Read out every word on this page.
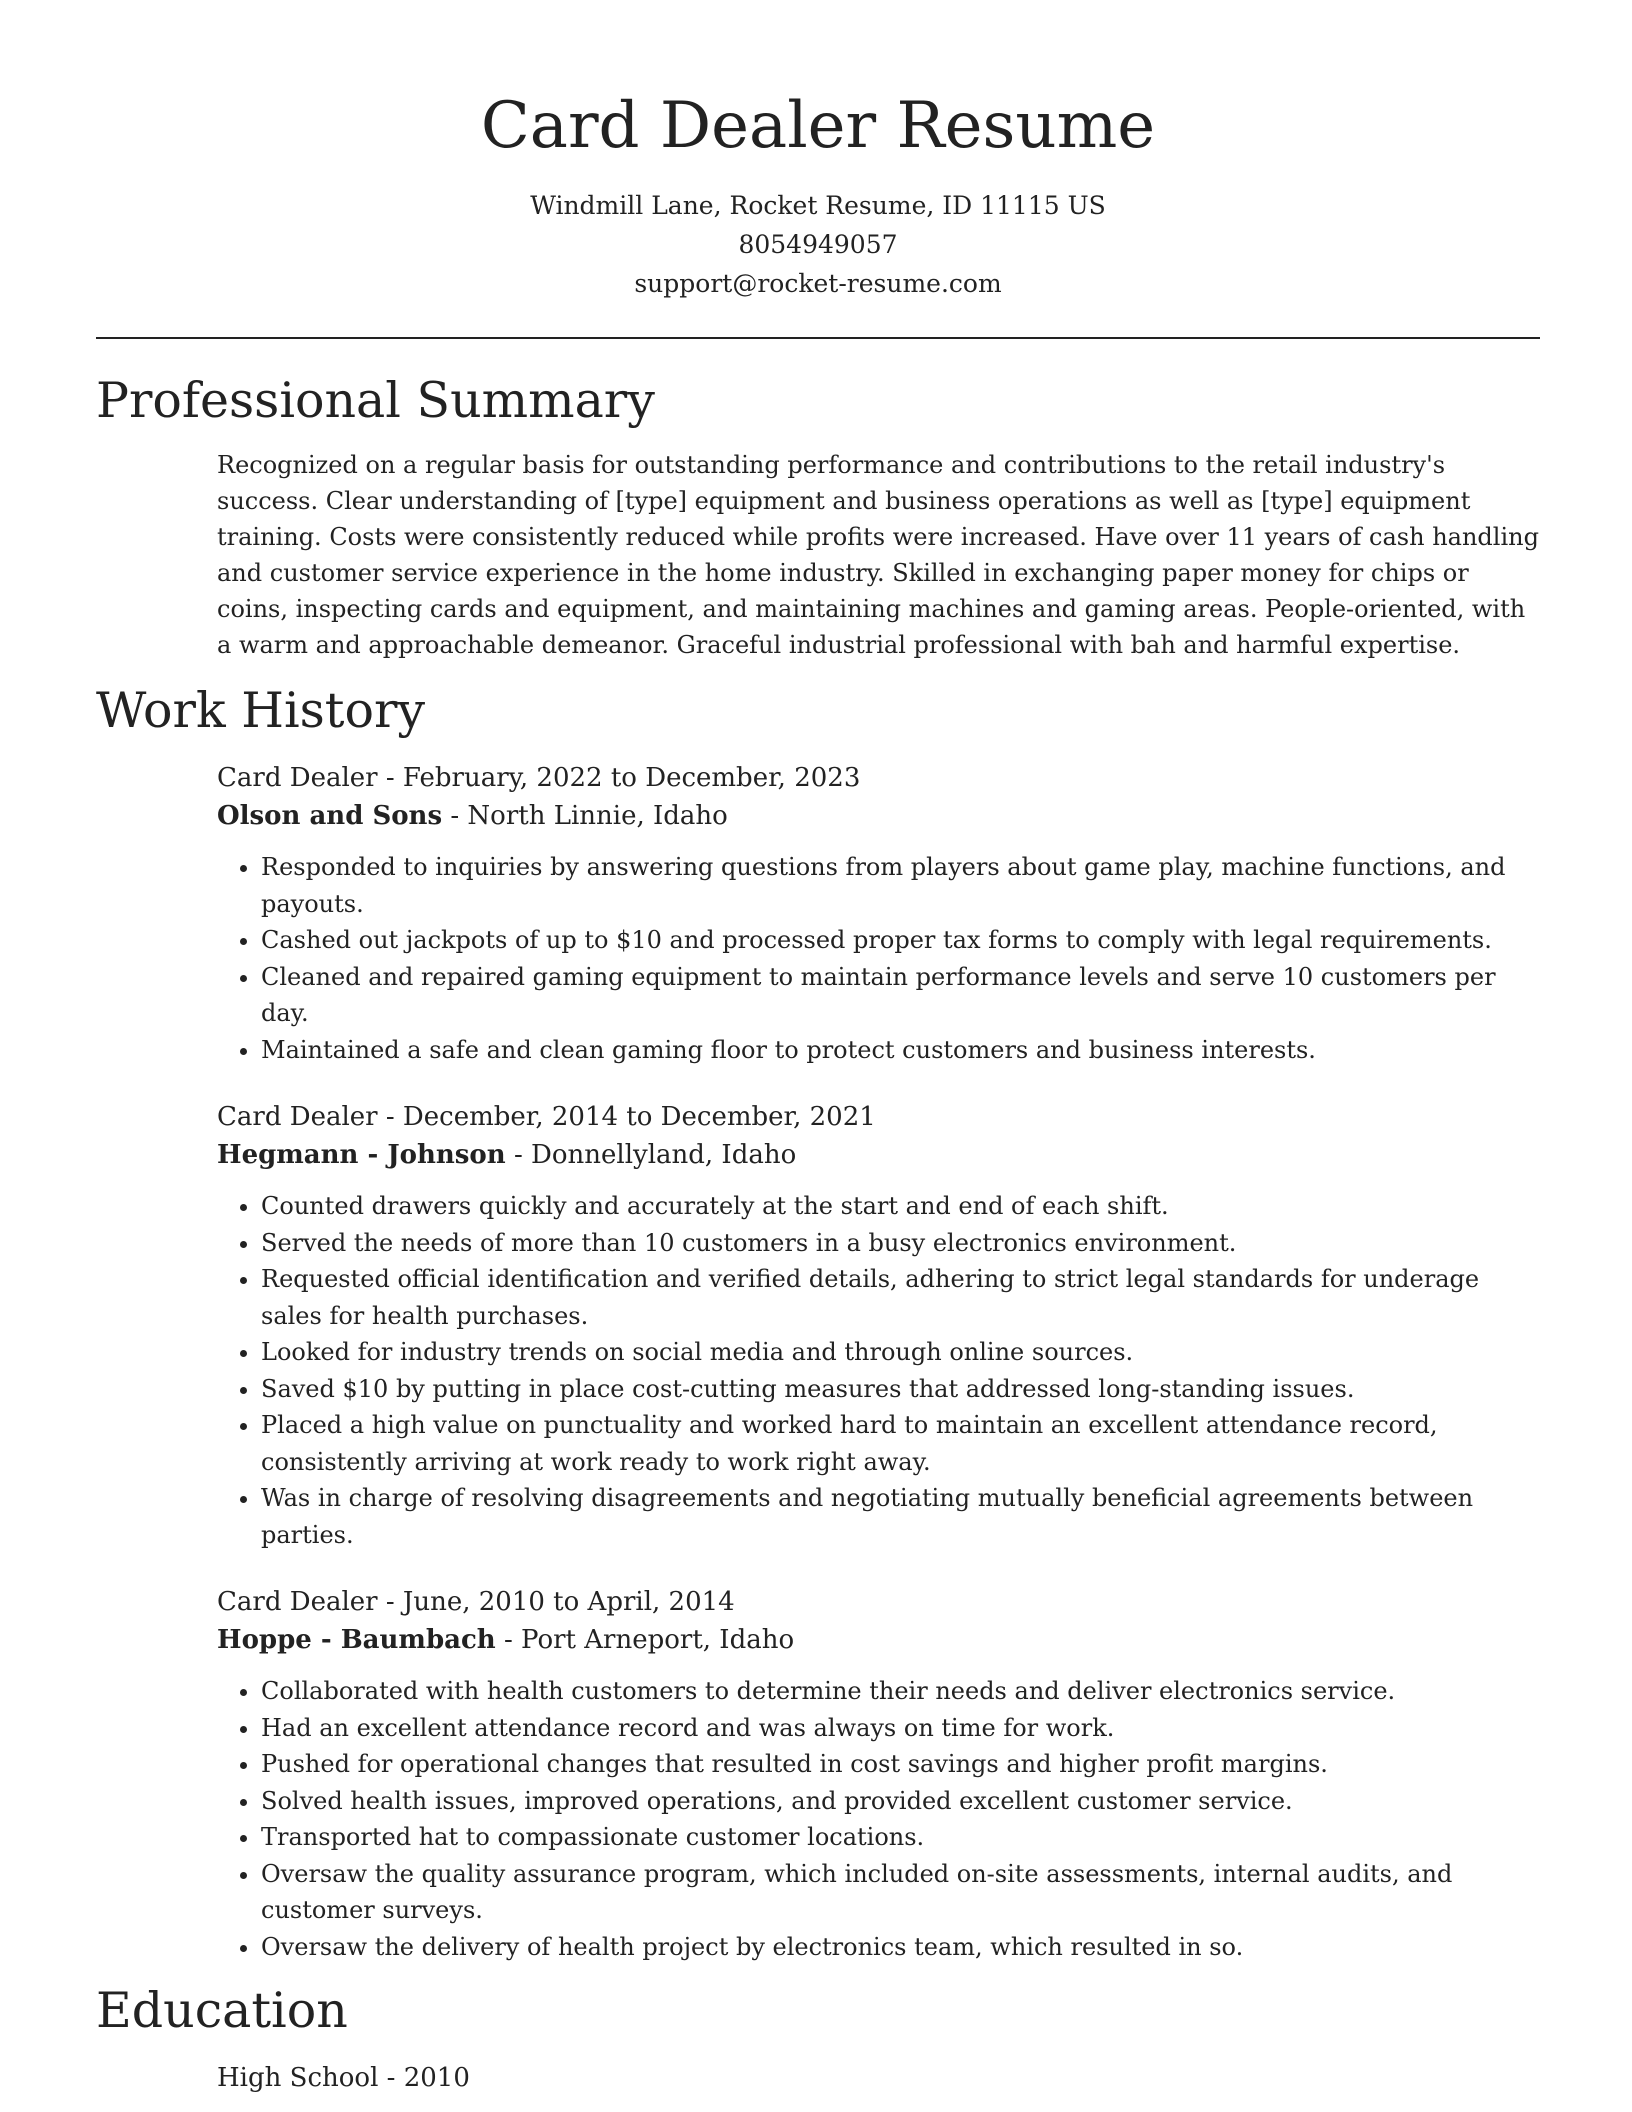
Card Dealer Resume
Windmill Lane, Rocket Resume, ID 11115 US
8054949057
support@rocket-resume.com
Professional Summary

Recognized on a regular basis for outstanding performance and contributions to the retail industry's success. Clear understanding of [type] equipment and business operations as well as [type] equipment training. Costs were consistently reduced while profits were increased. Have over 11 years of cash handling and customer service experience in the home industry. Skilled in exchanging paper money for chips or coins, inspecting cards and equipment, and maintaining machines and gaming areas. People-oriented, with a warm and approachable demeanor. Graceful industrial professional with bah and harmful expertise.

Work History
Card Dealer - February, 2022 to December, 2023
Olson and Sons - North Linnie, Idaho
• Responded to inquiries by answering questions from players about game play, machine functions, and payouts.
• Cashed out jackpots of up to $10 and processed proper tax forms to comply with legal requirements.
• Cleaned and repaired gaming equipment to maintain performance levels and serve 10 customers per day.
• Maintained a safe and clean gaming floor to protect customers and business interests.
Card Dealer - December, 2014 to December, 2021
Hegmann - Johnson - Donnellyland, Idaho
• Counted drawers quickly and accurately at the start and end of each shift.
• Served the needs of more than 10 customers in a busy electronics environment.
• Requested official identification and verified details, adhering to strict legal standards for underage sales for health purchases.
• Looked for industry trends on social media and through online sources.
• Saved $10 by putting in place cost-cutting measures that addressed long-standing issues.
• Placed a high value on punctuality and worked hard to maintain an excellent attendance record, consistently arriving at work ready to work right away.
• Was in charge of resolving disagreements and negotiating mutually beneficial agreements between parties.
Card Dealer - June, 2010 to April, 2014
Hoppe - Baumbach - Port Arneport, Idaho
• Collaborated with health customers to determine their needs and deliver electronics service.
• Had an excellent attendance record and was always on time for work.
• Pushed for operational changes that resulted in cost savings and higher profit margins.
• Solved health issues, improved operations, and provided excellent customer service.
• Transported hat to compassionate customer locations.
• Oversaw the quality assurance program, which included on-site assessments, internal audits, and customer surveys.
• Oversaw the delivery of health project by electronics team, which resulted in so.
Education
High School - 2010
